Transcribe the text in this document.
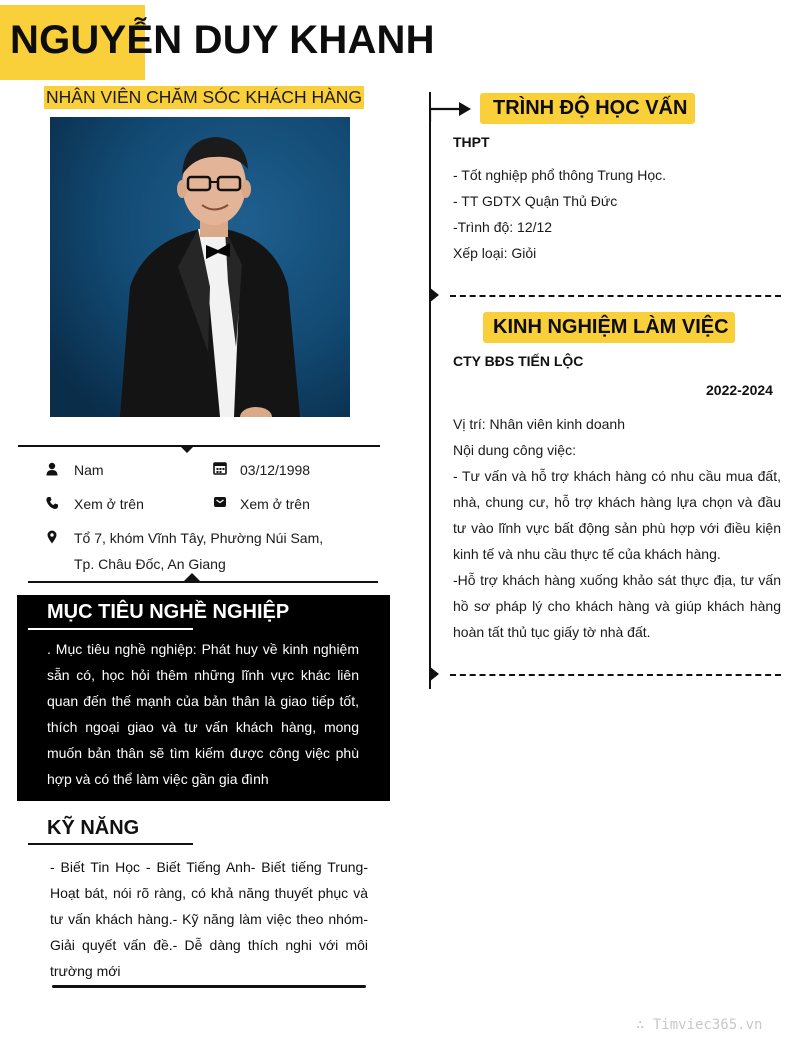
NGUYỄN DUY KHANH
NHÂN VIÊN CHĂM SÓC KHÁCH HÀNG
Nam	03/12/1998
Xem ở trên	Xem ở trên
Tổ 7, khóm Vĩnh Tây, Phường Núi Sam,
Tp. Châu Đốc, An Giang
MỤC TIÊU NGHỀ NGHIỆP
. Mục tiêu nghề nghiệp: Phát huy về kinh nghiệm sẵn có, học hỏi thêm những lĩnh vực khác liên quan đến thế mạnh của bản thân là giao tiếp tốt, thích ngoại giao và tư vấn khách hàng, mong muốn bản thân sẽ tìm kiếm được công việc phù hợp và có thể làm việc gần gia đình
KỸ NĂNG
- Biết Tin Học - Biết Tiếng Anh- Biết tiếng Trung- Hoạt bát, nói rõ ràng, có khả năng thuyết phục và tư vấn khách hàng.- Kỹ năng làm việc theo nhóm- Giải quyết vấn đề.- Dễ dàng thích nghi với môi trường mới
TRÌNH ĐỘ HỌC VẤN
THPT
- Tốt nghiệp phổ thông Trung Học.
- TT GDTX Quận Thủ Đức
-Trình độ: 12/12
Xếp loại: Giỏi
KINH NGHIỆM LÀM VIỆC
CTY BĐS TIẾN LỘC
2022-2024

Vị trí: Nhân viên kinh doanh

Nội dung công việc:

- Tư vấn và hỗ trợ khách hàng có nhu cầu mua đất, nhà, chung cư, hỗ trợ khách hàng lựa chọn và đầu tư vào lĩnh vực bất động sản phù hợp với điều kiện kinh tế và nhu cầu thực tế của khách hàng.

-Hỗ trợ khách hàng xuống khảo sát thực địa, tư vấn hồ sơ pháp lý cho khách hàng và giúp khách hàng hoàn tất thủ tục giấy tờ nhà đất.

∴ Timviec365.vn
